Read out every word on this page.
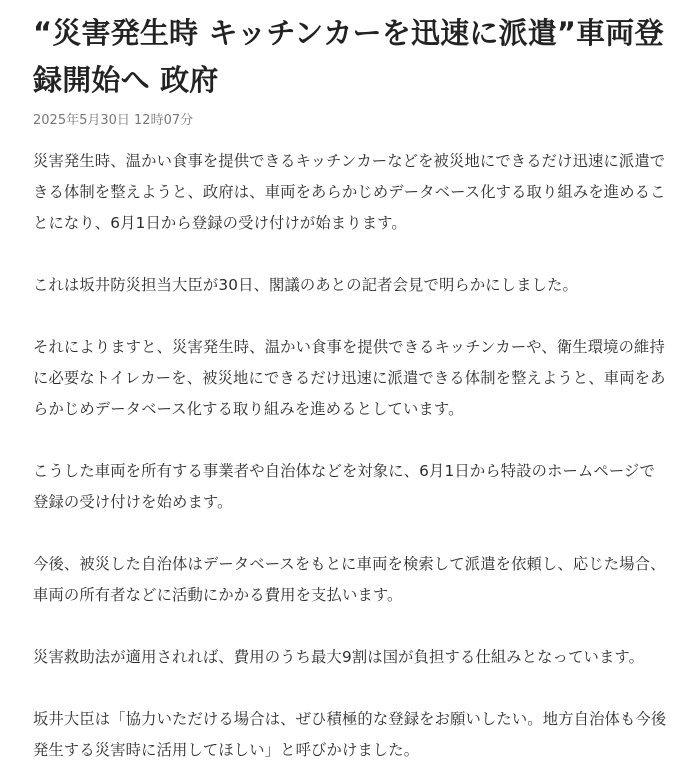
“災害発生時 キッチンカーを迅速に派遣”車両登録開始へ 政府
2025年5月30日 12時07分

災害発生時、温かい食事を提供できるキッチンカーなどを被災地にできるだけ迅速に派遣できる体制を整えようと、政府は、車両をあらかじめデータベース化する取り組みを進めることになり、6月1日から登録の受け付けが始まります。

これは坂井防災担当大臣が30日、閣議のあとの記者会見で明らかにしました。

それによりますと、災害発生時、温かい食事を提供できるキッチンカーや、衛生環境の維持に必要なトイレカーを、被災地にできるだけ迅速に派遣できる体制を整えようと、車両をあらかじめデータベース化する取り組みを進めるとしています。

こうした車両を所有する事業者や自治体などを対象に、6月1日から特設のホームページで登録の受け付けを始めます。

今後、被災した自治体はデータベースをもとに車両を検索して派遣を依頼し、応じた場合、車両の所有者などに活動にかかる費用を支払います。

災害救助法が適用されれば、費用のうち最大9割は国が負担する仕組みとなっています。

坂井大臣は「協力いただける場合は、ぜひ積極的な登録をお願いしたい。地方自治体も今後発生する災害時に活用してほしい」と呼びかけました。
